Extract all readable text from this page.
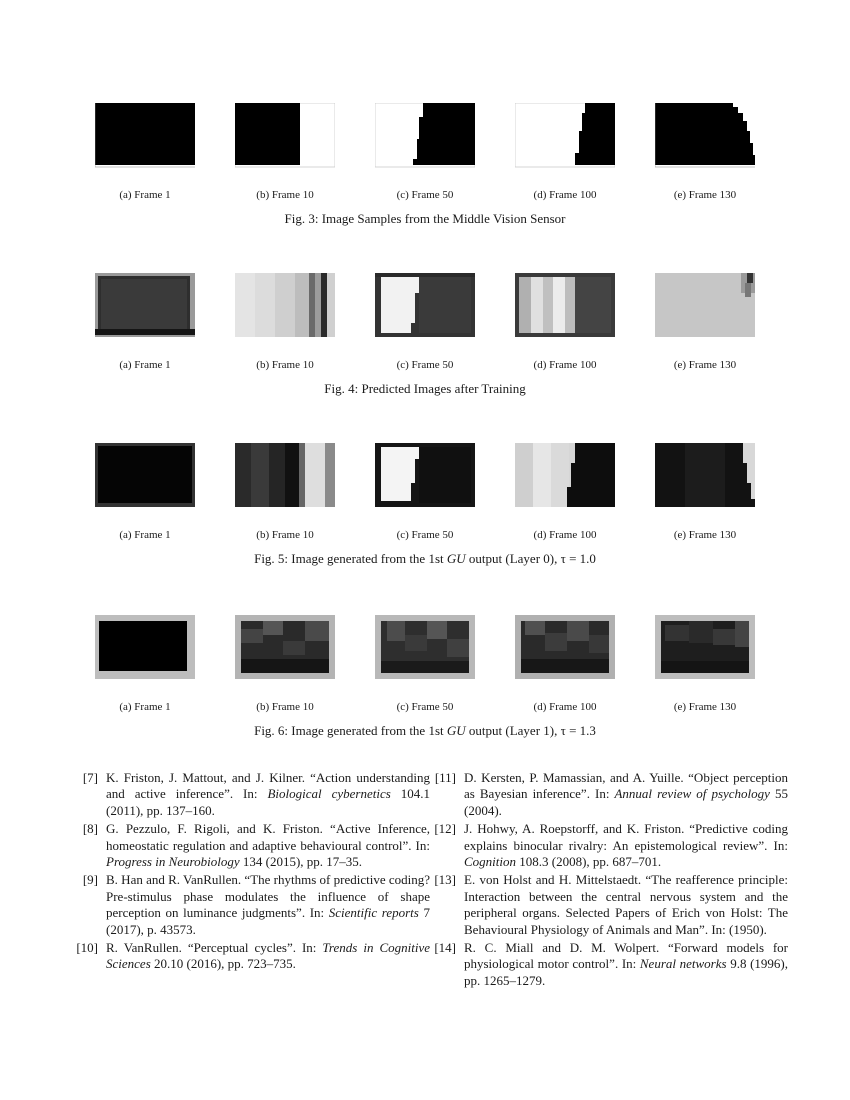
(a) Frame 1	(b) Frame 10	(c) Frame 50	(d) Frame 100	(e) Frame 130
Fig. 3: Image Samples from the Middle Vision Sensor
(a) Frame 1	(b) Frame 10	(c) Frame 50	(d) Frame 100	(e) Frame 130
Fig. 4: Predicted Images after Training
(a) Frame 1	(b) Frame 10	(c) Frame 50	(d) Frame 100	(e) Frame 130
Fig. 5: Image generated from the 1st GU output (Layer 0), τ = 1.0
(a) Frame 1	(b) Frame 10	(c) Frame 50	(d) Frame 100	(e) Frame 130
Fig. 6: Image generated from the 1st GU output (Layer 1), τ = 1.3
[7] K. Friston, J. Mattout, and J. Kilner. “Action understanding and active inference”. In: Biological cybernetics 104.1 (2011), pp. 137–160.
[8] G. Pezzulo, F. Rigoli, and K. Friston. “Active Inference, homeostatic regulation and adaptive behavioural control”. In: Progress in Neurobiology 134 (2015), pp. 17–35.
[9] B. Han and R. VanRullen. “The rhythms of predictive coding? Pre-stimulus phase modulates the influence of shape perception on luminance judgments”. In: Scientific reports 7 (2017), p. 43573.
[10] R. VanRullen. “Perceptual cycles”. In: Trends in Cognitive Sciences 20.10 (2016), pp. 723–735.
[11] D. Kersten, P. Mamassian, and A. Yuille. “Object perception as Bayesian inference”. In: Annual review of psychology 55 (2004).
[12] J. Hohwy, A. Roepstorff, and K. Friston. “Predictive coding explains binocular rivalry: An epistemological review”. In: Cognition 108.3 (2008), pp. 687–701.
[13] E. von Holst and H. Mittelstaedt. “The reafference principle: Interaction between the central nervous system and the peripheral organs. Selected Papers of Erich von Holst: The Behavioural Physiology of Animals and Man”. In: (1950).
[14] R. C. Miall and D. M. Wolpert. “Forward models for physiological motor control”. In: Neural networks 9.8 (1996), pp. 1265–1279.
